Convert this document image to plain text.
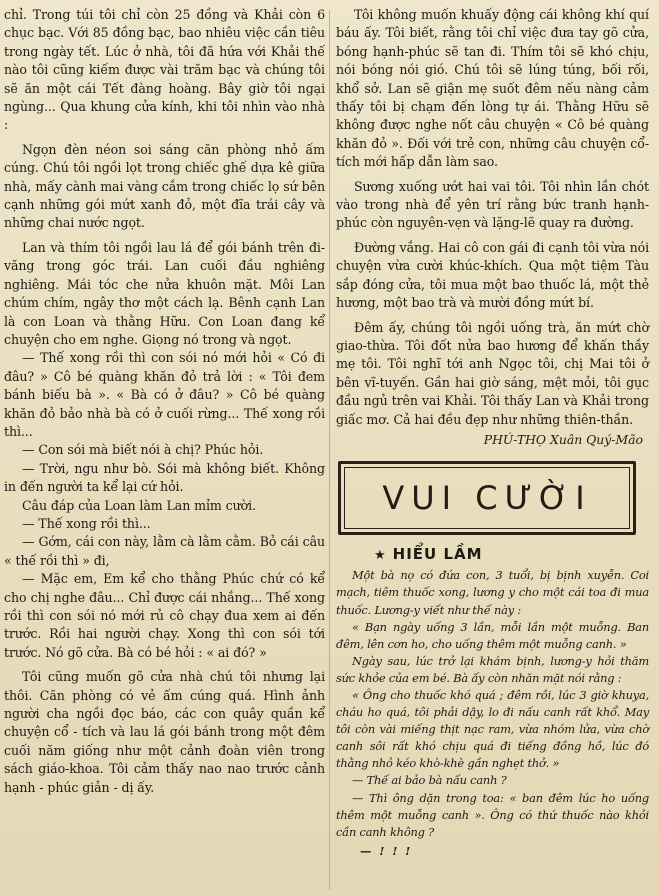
chỉ. Trong túi tôi chỉ còn 25 đồng và Khải còn 6 chục bạc. Với 85 đồng bạc, bao nhiêu việc cần tiêu trong ngày tết. Lúc ở nhà, tôi đã hứa với Khải thế nào tôi cũng kiếm được vài trăm bạc và chúng tôi sẽ ăn một cái Tết đàng hoàng. Bây giờ tôi ngại ngùng... Qua khung cửa kính, khi tôi nhìn vào nhà :

Ngọn đèn néon soi sáng căn phòng nhỏ ấm cúng. Chú tôi ngồi lọt trong chiếc ghế dựa kê giữa nhà, mấy cành mai vàng cắm trong chiếc lọ sứ bên cạnh những gói mứt xanh đỏ, một đĩa trái cây và những chai nước ngọt.

Lan và thím tôi ngồi lau lá để gói bánh trên đi-văng trong góc trái. Lan cuối đầu nghiêng nghiêng. Mái tóc che nửa khuôn mặt. Môi Lan chúm chím, ngây thơ một cách lạ. Bênh cạnh Lan là con Loan và thằng Hữu. Con Loan đang kể chuyện cho em nghe. Giọng nó trong và ngọt.

— Thế xong rồi thì con sói nó mới hỏi « Có đi đâu? » Cô bé quàng khăn đỏ trả lời : « Tôi đem bánh biếu bà ». « Bà có ở đâu? » Cô bé quàng khăn đỏ bảo nhà bà có ở cuối rừng... Thế xong rồi thì...

— Con sói mà biết nói à chị? Phúc hỏi.

— Trời, ngu như bò. Sói mà không biết. Không in đến người ta kể lại cứ hỏi.

Câu đáp của Loan làm Lan mỉm cười.

— Thế xong rồi thì...

— Gớm, cái con này, lằm cà lằm cằm. Bỏ cái câu « thế rồi thì » đi,

— Mặc em, Em kể cho thằng Phúc chứ có kể cho chị nghe đâu... Chỉ được cái nhắng... Thế xong rồi thì con sói nó mới rủ cô chạy đua xem ai đến trước. Rồi hai người chạy. Xong thì con sói tới trước. Nó gõ cửa. Bà có bé hỏi : « ai đó? »

Tôi cũng muốn gõ cửa nhà chú tôi nhưng lại thôi. Căn phòng có vẻ ấm cúng quá. Hình ảnh người cha ngồi đọc báo, các con quây quần kể chuyện cổ - tích và lau lá gói bánh trong một đêm cuối năm giống như một cảnh đoàn viên trong sách giáo-khoa. Tôi cảm thấy nao nao trước cảnh hạnh - phúc giản - dị ấy.

Tôi không muốn khuấy động cái không khí quí báu ấy. Tôi biết, rằng tôi chỉ việc đưa tay gõ cửa, bóng hạnh-phúc sẽ tan đi. Thím tôi sẽ khó chịu, nói bóng nói gió. Chú tôi sẽ lúng túng, bối rối, khổ sở. Lan sẽ giận mẹ suốt đêm nếu nàng cảm thấy tôi bị chạm đến lòng tự ái. Thằng Hữu sẽ không được nghe nốt câu chuyện « Cô bé quàng khăn đỏ ». Đối với trẻ con, những câu chuyện cổ-tích mới hấp dẫn làm sao.

Sương xuống ướt hai vai tôi. Tôi nhìn lần chót vào trong nhà để yên trí rằng bức tranh hạnh-phúc còn nguyên-vẹn và lặng-lẽ quay ra đường.

Đường vắng. Hai cô con gái đi cạnh tôi vừa nói chuyện vừa cười khúc-khích. Qua một tiệm Tàu sắp đóng cửa, tôi mua một bao thuốc lá, một thẻ hương, một bao trà và mười đồng mứt bí.

Đêm ấy, chúng tôi ngồi uống trà, ăn mứt chờ giao-thừa. Tôi đốt nửa bao hương để khấn thầy mẹ tôi. Tôi nghĩ tới anh Ngọc tôi, chị Mai tôi ở bên vĩ-tuyến. Gần hai giờ sáng, mệt mỏi, tôi gục đầu ngủ trên vai Khải. Tôi thấy Lan và Khải trong giấc mơ. Cả hai đều đẹp như những thiên-thần.

PHÚ-THỌ Xuân Quý-Mão
VUI CƯỜI
★ HIỂU LẦM

Một bà nọ có đứa con, 3 tuổi, bị bịnh xuyễn. Coi mạch, tiêm thuốc xong, lương y cho một cái toa đi mua thuốc. Lương-y viết như thế này :

« Bạn ngày uống 3 lần, mỗi lần một muỗng. Ban đêm, lên cơn ho, cho uống thêm một muỗng canh. »

Ngày sau, lúc trở lại khám bịnh, lương-y hỏi thăm sức khỏe của em bé. Bà ấy còn nhăn mặt nói rằng :

« Ông cho thuốc khó quá ; đêm rồi, lúc 3 giờ khuya, cháu ho quá, tôi phải dậy, lo đi nấu canh rất khổ. May tôi còn vài miếng thịt nạc ram, vừa nhóm lửa, vừa chờ canh sôi rất khó chịu quá đi tiếng đồng hồ, lúc đó thằng nhỏ kéo khò-khè gần nghẹt thở. »

— Thế ai bảo bà nấu canh ?

— Thì ông dặn trong toa: « ban đêm lúc ho uống thêm một muỗng canh ». Ông có thứ thuốc nào khỏi cần canh không ?

— ! ! !
